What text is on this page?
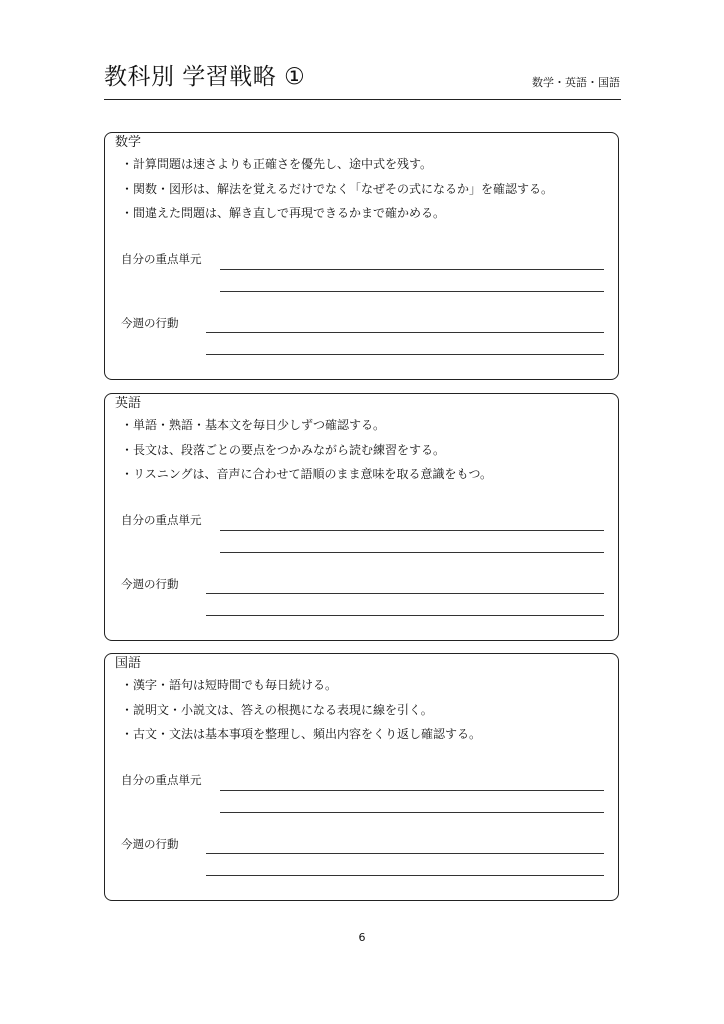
教科別 学習戦略 ①	数学・英語・国語
数学
・計算問題は速さよりも正確さを優先し、途中式を残す。
・関数・図形は、解法を覚えるだけでなく「なぜその式になるか」を確認する。
・間違えた問題は、解き直しで再現できるかまで確かめる。
自分の重点単元
今週の行動
英語
・単語・熟語・基本文を毎日少しずつ確認する。
・長文は、段落ごとの要点をつかみながら読む練習をする。
・リスニングは、音声に合わせて語順のまま意味を取る意識をもつ。
自分の重点単元
今週の行動
国語
・漢字・語句は短時間でも毎日続ける。
・説明文・小説文は、答えの根拠になる表現に線を引く。
・古文・文法は基本事項を整理し、頻出内容をくり返し確認する。
自分の重点単元
今週の行動
6
